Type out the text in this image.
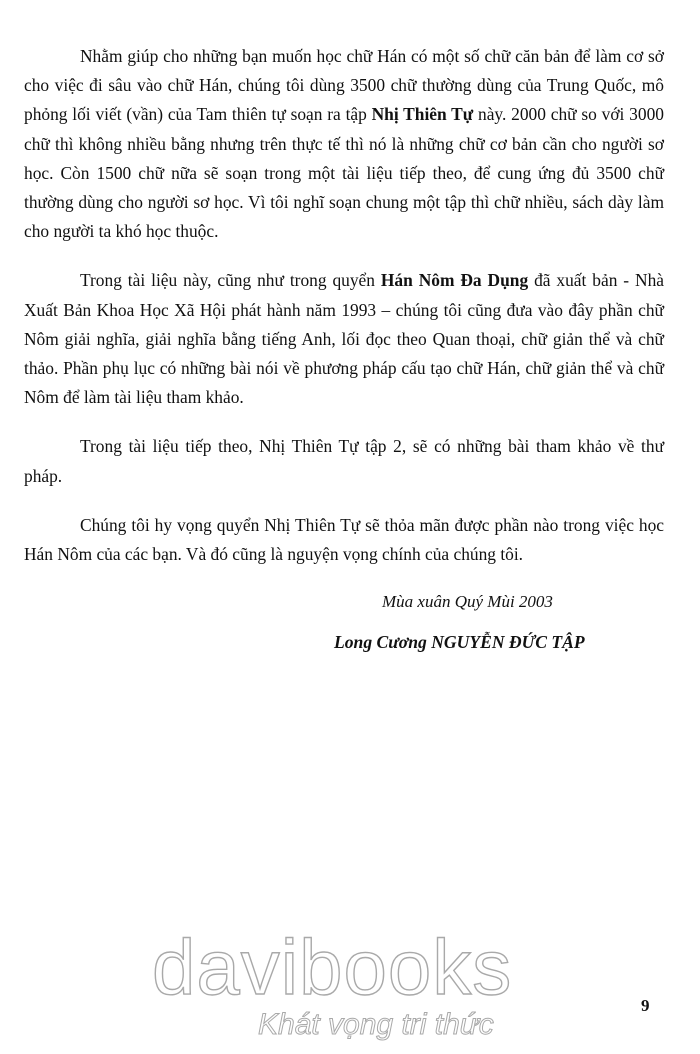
Nhằm giúp cho những bạn muốn học chữ Hán có một số chữ căn bản để làm cơ sở cho việc đi sâu vào chữ Hán, chúng tôi dùng 3500 chữ thường dùng của Trung Quốc, mô phỏng lối viết (vần) của Tam thiên tự soạn ra tập Nhị Thiên Tự này. 2000 chữ so với 3000 chữ thì không nhiều bằng nhưng trên thực tế thì nó là những chữ cơ bản cần cho người sơ học. Còn 1500 chữ nữa sẽ soạn trong một tài liệu tiếp theo, để cung ứng đủ 3500 chữ thường dùng cho người sơ học. Vì tôi nghĩ soạn chung một tập thì chữ nhiều, sách dày làm cho người ta khó học thuộc.

Trong tài liệu này, cũng như trong quyển Hán Nôm Đa Dụng đã xuất bản - Nhà Xuất Bản Khoa Học Xã Hội phát hành năm 1993 – chúng tôi cũng đưa vào đây phần chữ Nôm giải nghĩa, giải nghĩa bằng tiếng Anh, lối đọc theo Quan thoại, chữ giản thể và chữ thảo. Phần phụ lục có những bài nói về phương pháp cấu tạo chữ Hán, chữ giản thể và chữ Nôm để làm tài liệu tham khảo.

Trong tài liệu tiếp theo, Nhị Thiên Tự tập 2, sẽ có những bài tham khảo về thư pháp.

Chúng tôi hy vọng quyển Nhị Thiên Tự sẽ thỏa mãn được phần nào trong việc học Hán Nôm của các bạn. Và đó cũng là nguyện vọng chính của chúng tôi.

Mùa xuân Quý Mùi 2003
Long Cương NGUYỄN ĐỨC TẬP
davibooks
Khát vọng tri thức
9
